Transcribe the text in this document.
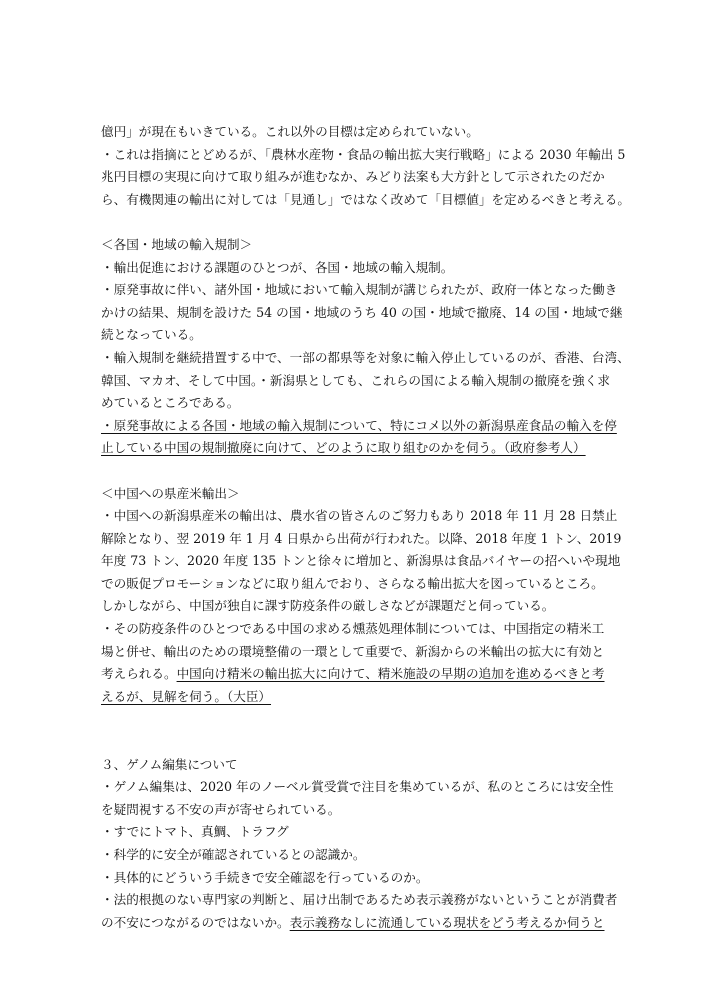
億円」が現在もいきている。これ以外の目標は定められていない。
・これは指摘にとどめるが、「農林水産物・食品の輸出拡大実行戦略」による 2030 年輸出 5
兆円目標の実現に向けて取り組みが進むなか、みどり法案も大方針として示されたのだか
ら、有機関連の輸出に対しては「見通し」ではなく改めて「目標値」を定めるべきと考える。
＜各国・地域の輸入規制＞
・輸出促進における課題のひとつが、各国・地域の輸入規制。
・原発事故に伴い、諸外国・地域において輸入規制が講じられたが、政府一体となった働き
かけの結果、規制を設けた 54 の国・地域のうち 40 の国・地域で撤廃、14 の国・地域で継
続となっている。
・輸入規制を継続措置する中で、一部の都県等を対象に輸入停止しているのが、香港、台湾、
韓国、マカオ、そして中国。・新潟県としても、これらの国による輸入規制の撤廃を強く求
めているところである。
・原発事故による各国・地域の輸入規制について、特にコメ以外の新潟県産食品の輸入を停
止している中国の規制撤廃に向けて、どのように取り組むのかを伺う。（政府参考人）
＜中国への県産米輸出＞
・中国への新潟県産米の輸出は、農水省の皆さんのご努力もあり 2018 年 11 月 28 日禁止
解除となり、翌 2019 年 1 月 4 日県から出荷が行われた。以降、2018 年度 1 トン、2019
年度 73 トン、2020 年度 135 トンと徐々に増加と、新潟県は食品バイヤーの招へいや現地
での販促プロモーションなどに取り組んでおり、さらなる輸出拡大を図っているところ。
しかしながら、中国が独自に課す防疫条件の厳しさなどが課題だと伺っている。
・その防疫条件のひとつである中国の求める燻蒸処理体制については、中国指定の精米工
場と併せ、輸出のための環境整備の一環として重要で、新潟からの米輸出の拡大に有効と
考えられる。中国向け精米の輸出拡大に向けて、精米施設の早期の追加を進めるべきと考
えるが、見解を伺う。（大臣）
３、ゲノム編集について
・ゲノム編集は、2020 年のノーベル賞受賞で注目を集めているが、私のところには安全性
を疑問視する不安の声が寄せられている。
・すでにトマト、真鯛、トラフグ
・科学的に安全が確認されているとの認識か。
・具体的にどういう手続きで安全確認を行っているのか。
・法的根拠のない専門家の判断と、届け出制であるため表示義務がないということが消費者
の不安につながるのではないか。表示義務なしに流通している現状をどう考えるか伺うと
